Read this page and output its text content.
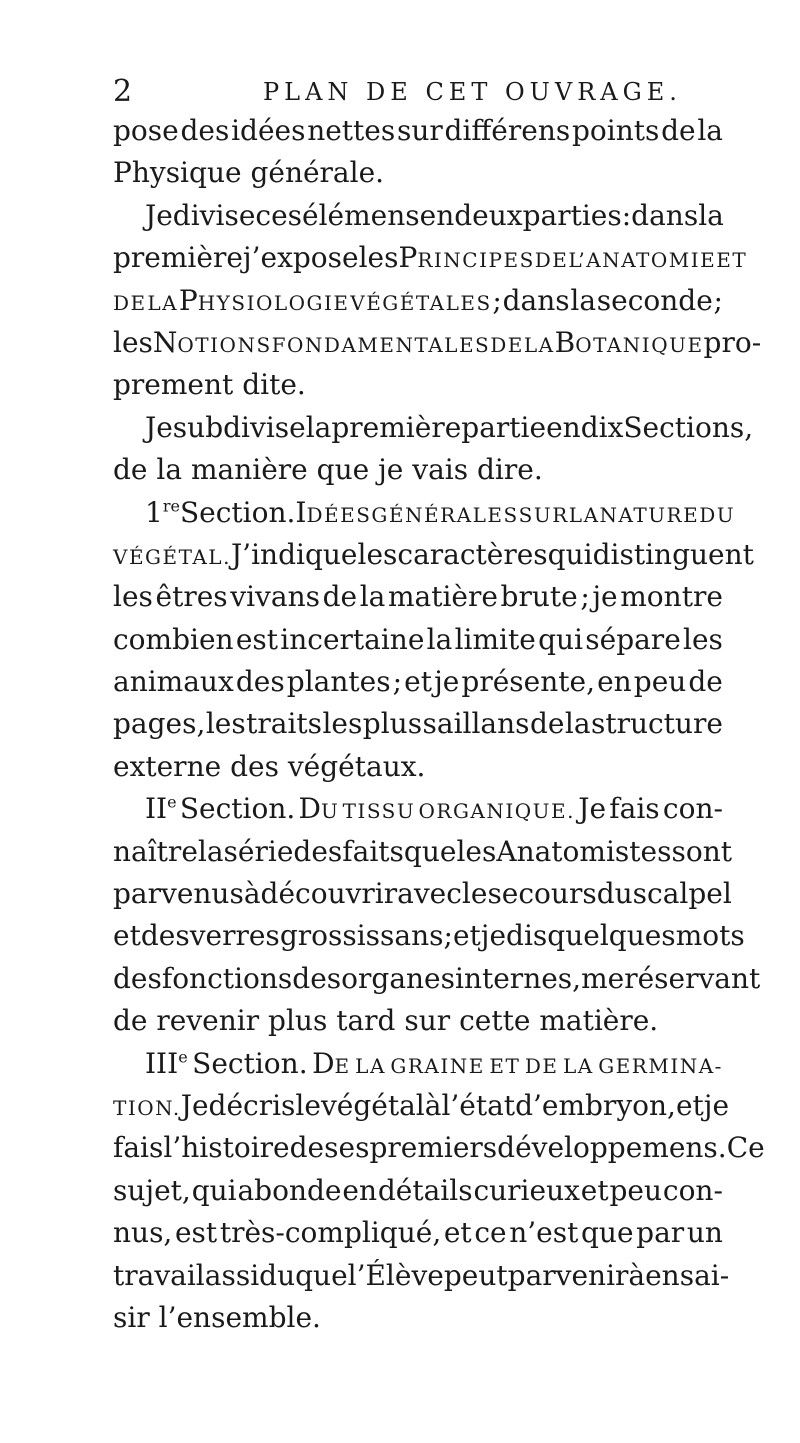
2	PLAN DE CET OUVRAGE.
pose des idées nettes sur différens points de la
Physique
générale.
Je divise ces élémens en deux parties : dans la
première j’expose les PRINCIPES DE L’ANATOMIE ET
DE LA PHYSIOLOGIE VÉGÉTALES ; dans la seconde ;
les NOTIONS FONDAMENTALES DE LA BOTANIQUE pro-
prement
dite.
Je subdivise la première partie en dix Sections,
de
la
manière
que
je
vais
dire.
1re Section. IDÉES GÉNÉRALES SUR LA NATURE DU
VÉGÉTAL. J’indique les caractères qui distinguent
les êtres vivans de la matière brute ; je montre
combien est incertaine la limite qui sépare les
animaux des plantes ; et je présente, en peu de
pages, les traits les plus saillans de la structure
externe
des
végétaux.
IIe Section. DU TISSU ORGANIQUE. Je fais con-
naître la série des faits que les Anatomistes sont
parvenus à découvrir avec le secours du scalpel
et des verres grossissans ; et je dis quelques mots
des fonctions des organes internes, me réservant
de
revenir
plus
tard
sur
cette
matière.
IIIe Section. DE LA GRAINE ET DE LA GERMINA-
TION. Je décris le végétal à l’état d’embryon, et je
fais l’histoire de ses premiers développemens. Ce
sujet, qui abonde en détails curieux et peu con-
nus, est très-compliqué, et ce n’est que par un
travail assidu que l’Élève peut parvenir à en sai-
sir
l’ensemble.
